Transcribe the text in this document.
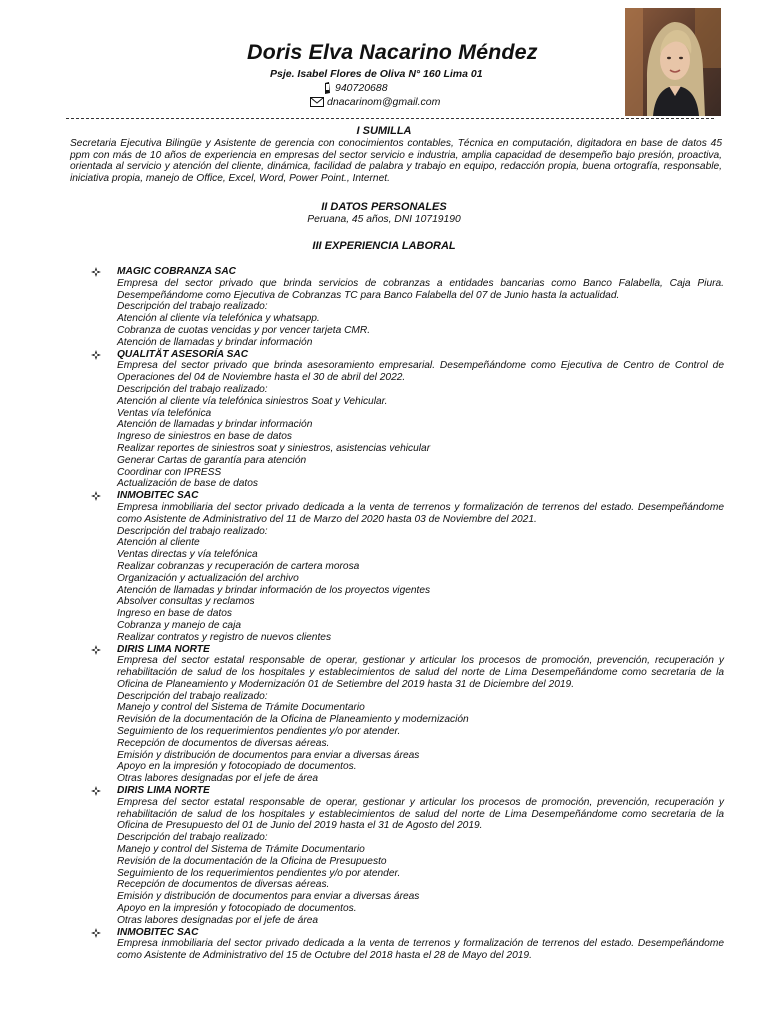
Doris Elva Nacarino Méndez
Psje. Isabel Flores de Oliva N° 160 Lima 01
940720688
dnacarinom@gmail.com
I SUMILLA
Secretaria Ejecutiva Bilingüe y Asistente de gerencia con conocimientos contables, Técnica en computación, digitadora en base de datos 45 ppm con más de 10 años de experiencia en empresas del sector servicio e industria, amplia capacidad de desempeño bajo presión, proactiva, orientada al servicio y atención del cliente, dinámica, facilidad de palabra y trabajo en equipo, redacción propia, buena ortografía, responsable, iniciativa propia, manejo de Office, Excel, Word, Power Point., Internet.
II DATOS PERSONALES
Peruana, 45 años, DNI 10719190
III EXPERIENCIA LABORAL
MAGIC COBRANZA SAC
Empresa del sector privado que brinda servicios de cobranzas a entidades bancarias como Banco Falabella, Caja Piura. Desempeñándome como Ejecutiva de Cobranzas TC para Banco Falabella del 07 de Junio hasta la actualidad.
Descripción del trabajo realizado:
Atención al cliente vía telefónica y whatsapp.
Cobranza de cuotas vencidas y por vencer tarjeta CMR.
Atención de llamadas y brindar información
QUALITÄT ASESORÍA SAC
Empresa del sector privado que brinda asesoramiento empresarial. Desempeñándome como Ejecutiva de Centro de Control de Operaciones del 04 de Noviembre hasta el 30 de abril del 2022.
Descripción del trabajo realizado:
Atención al cliente vía telefónica siniestros Soat y Vehicular.
Ventas vía telefónica
Atención de llamadas y brindar información
Ingreso de siniestros en base de datos
Realizar reportes de siniestros soat y siniestros, asistencias vehicular
Generar Cartas de garantía para atención
Coordinar con IPRESS
Actualización de base de datos
INMOBITEC SAC
Empresa inmobiliaria del sector privado dedicada a la venta de terrenos y formalización de terrenos del estado. Desempeñándome como Asistente de Administrativo del 11 de Marzo del 2020 hasta 03 de Noviembre del 2021.
Descripción del trabajo realizado:
Atención al cliente
Ventas directas y vía telefónica
Realizar cobranzas y recuperación de cartera morosa
Organización y actualización del archivo
Atención de llamadas y brindar información de los proyectos vigentes
Absolver consultas y reclamos
Ingreso en base de datos
Cobranza y manejo de caja
Realizar contratos y registro de nuevos clientes
DIRIS LIMA NORTE
Empresa del sector estatal responsable de operar, gestionar y articular los procesos de promoción, prevención, recuperación y rehabilitación de salud de los hospitales y establecimientos de salud del norte de Lima Desempeñándome como secretaria de la Oficina de Planeamiento y Modernización 01 de Setiembre del 2019 hasta 31 de Diciembre del 2019.
Descripción del trabajo realizado:
Manejo y control del Sistema de Trámite Documentario
Revisión de la documentación de la Oficina de Planeamiento y modernización
Seguimiento de los requerimientos pendientes y/o por atender.
Recepción de documentos de diversas aéreas.
Emisión y distribución de documentos para enviar a diversas áreas
Apoyo en la impresión y fotocopiado de documentos.
Otras labores designadas por el jefe de área
DIRIS LIMA NORTE
Empresa del sector estatal responsable de operar, gestionar y articular los procesos de promoción, prevención, recuperación y rehabilitación de salud de los hospitales y establecimientos de salud del norte de Lima Desempeñándome como secretaria de la Oficina de Presupuesto del 01 de Junio del 2019 hasta el 31 de Agosto del 2019.
Descripción del trabajo realizado:
Manejo y control del Sistema de Trámite Documentario
Revisión de la documentación de la Oficina de Presupuesto
Seguimiento de los requerimientos pendientes y/o por atender.
Recepción de documentos de diversas aéreas.
Emisión y distribución de documentos para enviar a diversas áreas
Apoyo en la impresión y fotocopiado de documentos.
Otras labores designadas por el jefe de área
INMOBITEC SAC
Empresa inmobiliaria del sector privado dedicada a la venta de terrenos y formalización de terrenos del estado. Desempeñándome como Asistente de Administrativo del 15 de Octubre del 2018 hasta el 28 de Mayo del 2019.
